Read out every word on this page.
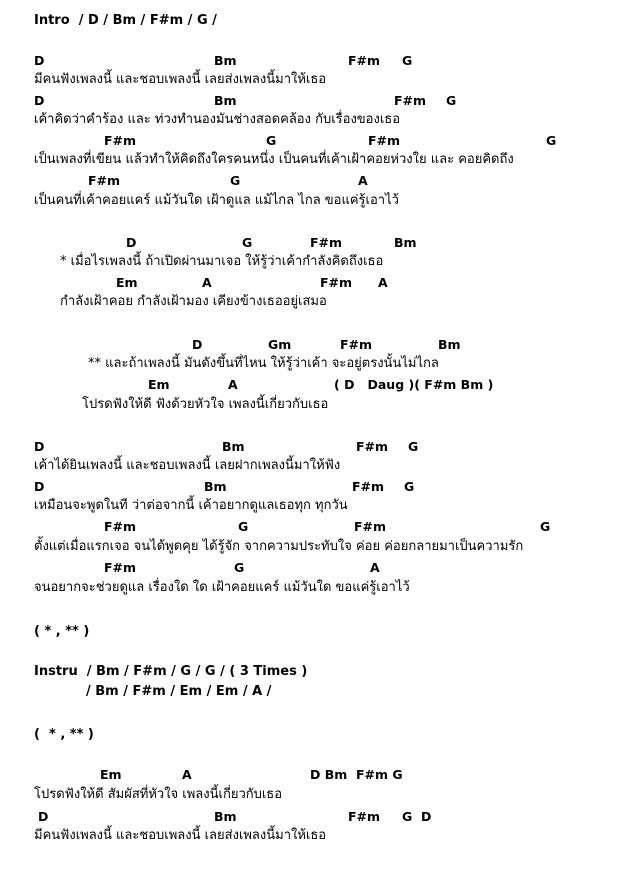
Intro  / D / Bm / F#m / G /
D	Bm	F#m G
มีคนฟังเพลงนี้ และชอบเพลงนี้ เลยส่งเพลงนี้มาให้เธอ
D	Bm	F#m G
เค้าคิดว่าคำร้อง และ ท่วงทำนองมันช่างสอดคล้อง กับเรื่องของเธอ
F#m	G	F#m	G
เป็นเพลงที่เขียน แล้วทำให้คิดถึงใครคนหนึ่ง เป็นคนที่เค้าเฝ้าคอยห่วงใย และ คอยคิดถึง
F#m	G	A
เป็นคนที่เค้าคอยแคร์ แม้วันใด เฝ้าดูแล แม้ไกล ไกล ขอแค่รู้เอาไว้
D	G	F#m	Bm
* เมื่อไรเพลงนี้ ถ้าเปิดผ่านมาเจอ ให้รู้ว่าเค้ากำลังคิดถึงเธอ
Em	A	F#m A
กำลังเฝ้าคอย กำลังเฝ้ามอง เคียงข้างเธออยู่เสมอ
D	Gm	F#m	Bm
** และถ้าเพลงนี้ มันดังขึ้นที่ไหน ให้รู้ว่าเค้า จะอยู่ตรงนั้นไม่ไกล
Em	A	( D   Daug )( F#m Bm )
โปรดฟังให้ดี ฟังด้วยหัวใจ เพลงนี้เกี่ยวกับเธอ
D	Bm	F#m G
เค้าได้ยินเพลงนี้ และชอบเพลงนี้ เลยฝากเพลงนี้มาให้ฟัง
D	Bm	F#m G
เหมือนจะพูดในที ว่าต่อจากนี้ เค้าอยากดูแลเธอทุก ทุกวัน
F#m	G	F#m	G
ตั้งแต่เมื่อแรกเจอ จนได้พูดคุย ได้รู้จัก จากความประทับใจ ค่อย ค่อยกลายมาเป็นความรัก
F#m	G	A
จนอยากจะช่วยดูแล เรื่องใด ใด เฝ้าคอยแคร์ แม้วันใด ขอแค่รู้เอาไว้
( * , ** )
Instru  / Bm / F#m / G / G / ( 3 Times )
/ Bm / F#m / Em / Em / A /
(  * , ** )
Em	A	D Bm  F#m G
โปรดฟังให้ดี สัมผัสที่หัวใจ เพลงนี้เกี่ยวกับเธอ
D	Bm	F#m G  D
มีคนฟังเพลงนี้ และชอบเพลงนี้ เลยส่งเพลงนี้มาให้เธอ
